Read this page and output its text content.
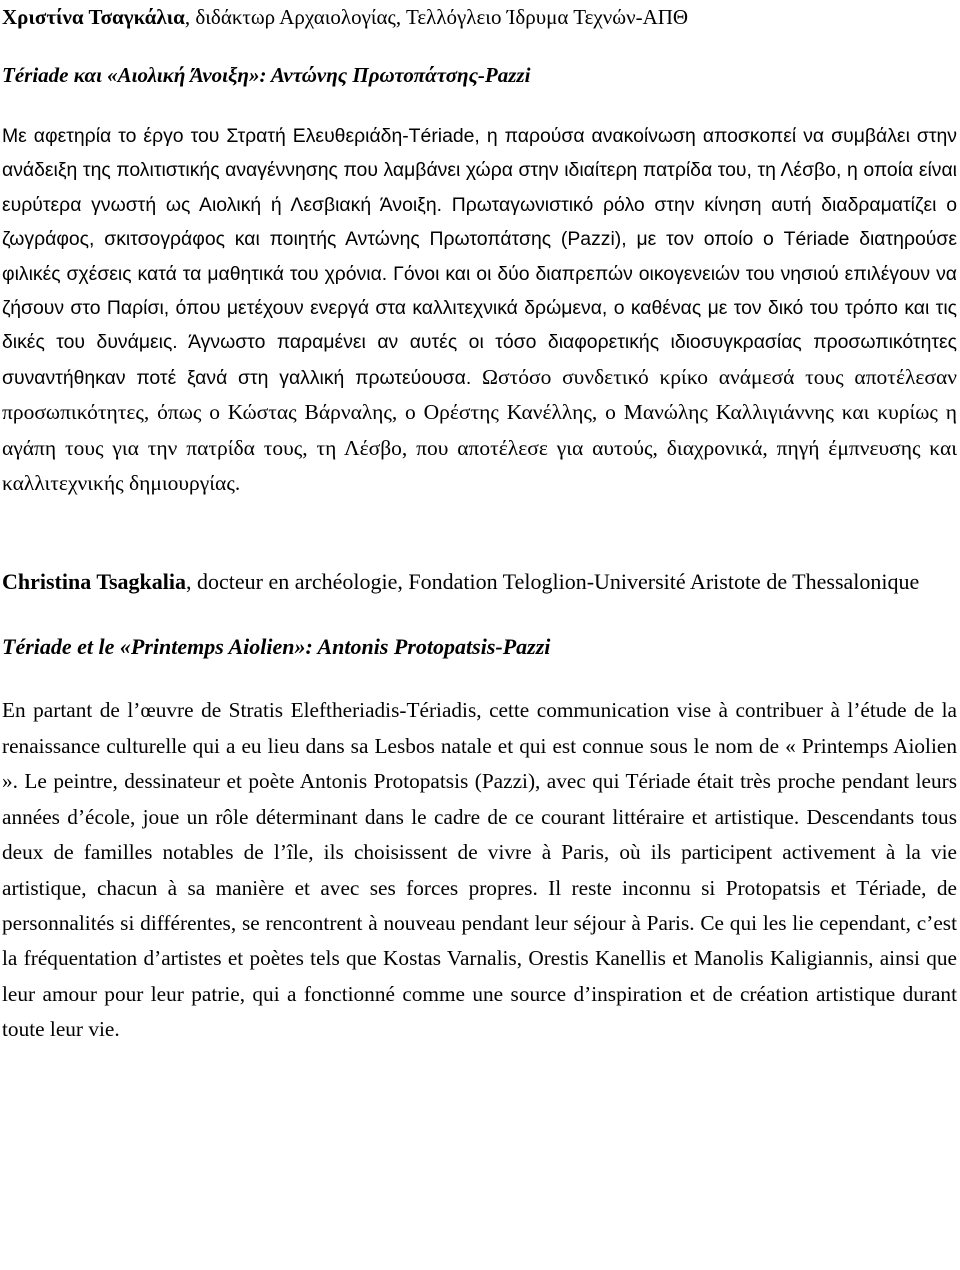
Χριστίνα Τσαγκάλια, διδάκτωρ Αρχαιολογίας, Τελλόγλειο Ίδρυμα Τεχνών-ΑΠΘ
Tériade και «Αιολική Άνοιξη»: Αντώνης Πρωτοπάτσης-Pazzi

Με αφετηρία το έργο του Στρατή Ελευθεριάδη-Tériade, η παρούσα ανακοίνωση αποσκοπεί να συμβάλει στην ανάδειξη της πολιτιστικής αναγέννησης που λαμβάνει χώρα στην ιδιαίτερη πατρίδα του, τη Λέσβο, η οποία είναι ευρύτερα γνωστή ως Αιολική ή Λεσβιακή Άνοιξη. Πρωταγωνιστικό ρόλο στην κίνηση αυτή διαδραματίζει ο ζωγράφος, σκιτσογράφος και ποιητής Αντώνης Πρωτοπάτσης (Pazzi), με τον οποίο ο Tériade διατηρούσε φιλικές σχέσεις κατά τα μαθητικά του χρόνια. Γόνοι και οι δύο διαπρεπών οικογενειών του νησιού επιλέγουν να ζήσουν στο Παρίσι, όπου μετέχουν ενεργά στα καλλιτεχνικά δρώμενα, ο καθένας με τον δικό του τρόπο και τις δικές του δυνάμεις. Άγνωστο παραμένει αν αυτές οι τόσο διαφορετικής ιδιοσυγκρασίας προσωπικότητες συναντήθηκαν ποτέ ξανά στη γαλλική πρωτεύουσα. Ωστόσο συνδετικό κρίκο ανάμεσά τους αποτέλεσαν προσωπικότητες, όπως ο Κώστας Βάρναλης, ο Ορέστης Κανέλλης, ο Μανώλης Καλλιγιάννης και κυρίως η αγάπη τους για την πατρίδα τους, τη Λέσβο, που αποτέλεσε για αυτούς, διαχρονικά, πηγή έμπνευσης και καλλιτεχνικής δημιουργίας.

Christina Tsagkalia, docteur en archéologie, Fondation Teloglion-Université Aristote de Thessalonique
Tériade et le «Printemps Aiolien»: Antonis Protopatsis-Pazzi

En partant de l’œuvre de Stratis Eleftheriadis-Tériadis, cette communication vise à contribuer à l’étude de la renaissance culturelle qui a eu lieu dans sa Lesbos natale et qui est connue sous le nom de « Printemps Aiolien ». Le peintre, dessinateur et poète Antonis Protopatsis (Pazzi), avec qui Tériade était très proche pendant leurs années d’école, joue un rôle déterminant dans le cadre de ce courant littéraire et artistique. Descendants tous deux de familles notables de l’île, ils choisissent de vivre à Paris, où ils participent activement à la vie artistique, chacun à sa manière et avec ses forces propres. Il reste inconnu si Protopatsis et Tériade, de personnalités si différentes, se rencontrent à nouveau pendant leur séjour à Paris. Ce qui les lie cependant, c’est la fréquentation d’artistes et poètes tels que Kostas Varnalis, Orestis Kanellis et Manolis Kaligiannis, ainsi que leur amour pour leur patrie, qui a fonctionné comme une source d’inspiration et de création artistique durant toute leur vie.
